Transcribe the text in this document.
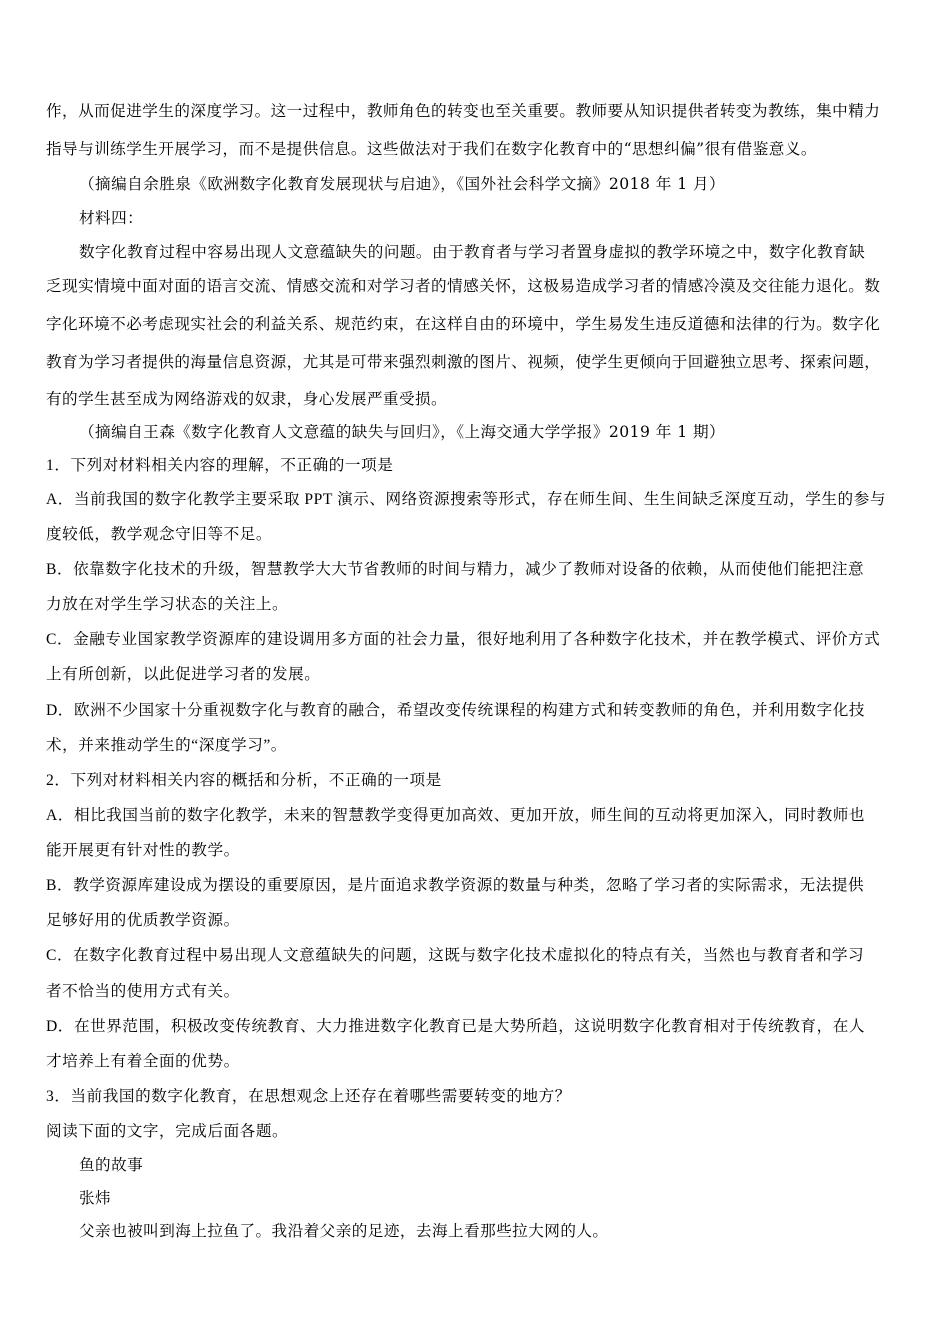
作，从而促进学生的深度学习。这一过程中，教师角色的转变也至关重要。教师要从知识提供者转变为教练，集中精力
指导与训练学生开展学习，而不是提供信息。这些做法对于我们在数字化教育中的“思想纠偏”很有借鉴意义。
（摘编自余胜泉《欧洲数字化教育发展现状与启迪》，《国外社会科学文摘》2018 年 1 月）
材料四：
数字化教育过程中容易出现人文意蕴缺失的问题。由于教育者与学习者置身虚拟的教学环境之中，数字化教育缺
乏现实情境中面对面的语言交流、情感交流和对学习者的情感关怀，这极易造成学习者的情感冷漠及交往能力退化。数
字化环境不必考虑现实社会的利益关系、规范约束，在这样自由的环境中，学生易发生违反道德和法律的行为。数字化
教育为学习者提供的海量信息资源，尤其是可带来强烈刺激的图片、视频，使学生更倾向于回避独立思考、探索问题，
有的学生甚至成为网络游戏的奴隶，身心发展严重受损。
（摘编自王森《数字化教育人文意蕴的缺失与回归》，《上海交通大学学报》2019 年 1 期）
1．下列对材料相关内容的理解，不正确的一项是
A．当前我国的数字化教学主要采取 PPT 演示、网络资源搜索等形式，存在师生间、生生间缺乏深度互动，学生的参与
度较低，教学观念守旧等不足。
B．依靠数字化技术的升级，智慧教学大大节省教师的时间与精力，减少了教师对设备的依赖，从而使他们能把注意
力放在对学生学习状态的关注上。
C．金融专业国家教学资源库的建设调用多方面的社会力量，很好地利用了各种数字化技术，并在教学模式、评价方式
上有所创新，以此促进学习者的发展。
D．欧洲不少国家十分重视数字化与教育的融合，希望改变传统课程的构建方式和转变教师的角色，并利用数字化技
术，并来推动学生的“深度学习”。
2．下列对材料相关内容的概括和分析，不正确的一项是
A．相比我国当前的数字化教学，未来的智慧教学变得更加高效、更加开放，师生间的互动将更加深入，同时教师也
能开展更有针对性的教学。
B．教学资源库建设成为摆设的重要原因，是片面追求教学资源的数量与种类，忽略了学习者的实际需求，无法提供
足够好用的优质教学资源。
C．在数字化教育过程中易出现人文意蕴缺失的问题，这既与数字化技术虚拟化的特点有关，当然也与教育者和学习
者不恰当的使用方式有关。
D．在世界范围，积极改变传统教育、大力推进数字化教育已是大势所趋，这说明数字化教育相对于传统教育，在人
才培养上有着全面的优势。
3．当前我国的数字化教育，在思想观念上还存在着哪些需要转变的地方？
阅读下面的文字，完成后面各题。
鱼的故事
张炜
父亲也被叫到海上拉鱼了。我沿着父亲的足迹，去海上看那些拉大网的人。
